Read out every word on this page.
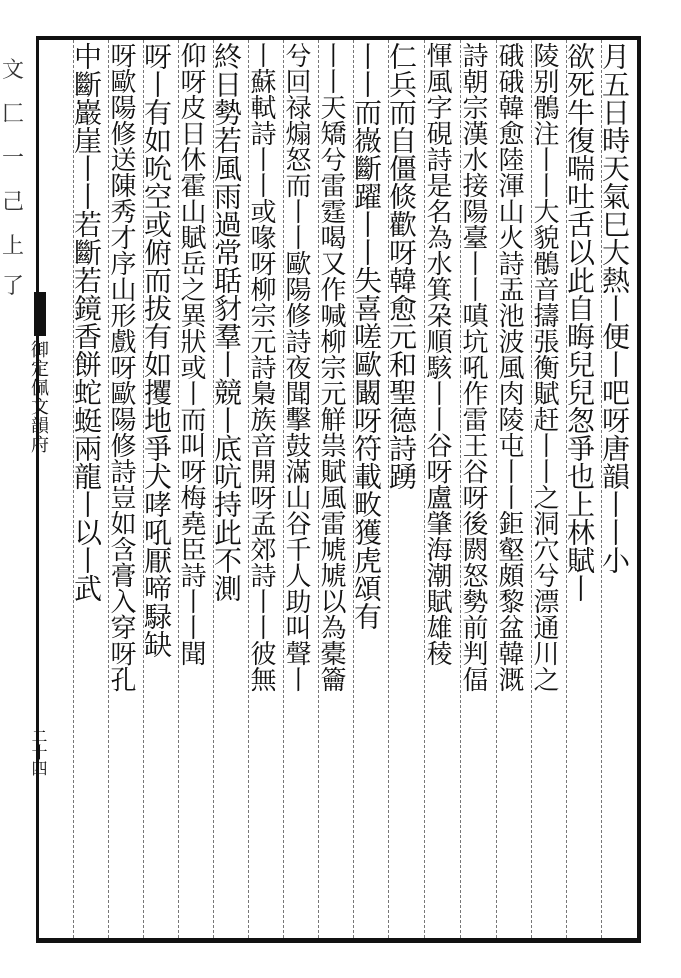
文
匚
一
己
上
了
御定佩文韻府
二十四
月五日時天氣巳大熱丨便丨吧呀唐韻丨丨小
欲死牛復喘吐舌以此自晦兒兒怱爭也上林賦丨
陵别鶻注丨丨大貌鶻音擣張衡賦赶丨丨之洞穴兮漂通川之
硪硪韓愈陸渾山火詩盂池波風肉陵屯丨丨鉅壑頗黎盆韓溉
詩朝宗漢水接陽臺丨丨嗔坑吼作雷王谷呀後閼怒勢前判偪
惲風字硯詩是名為水箕朶順駭丨丨谷呀盧肇海潮賦雄稜
仁兵而自僵倐歡呀韓愈元和聖德詩踴
丨丨而嶶斷躍丨丨失喜嗟歐闞呀符載畋獲虎頌有
丨丨天矯兮雷霆喝又作喊柳宗元觧祟賦風雷虓虓以為橐籥
兮回禄煽怒而丨丨歐陽修詩夜聞擊鼓滿山谷千人助叫聲丨
丨蘇軾詩丨丨或喙呀柳宗元詩梟族音開呀孟郊詩丨丨彼無
終日勢若風雨過常聒豺羣丨競丨底吭持此不測
仰呀皮日休霍山賦岳之異狀或丨而叫呀梅堯臣詩丨丨聞
呀丨有如吮空或俯而拔有如攫地爭犬哮吼厭啼騄缺
呀歐陽修送陳秀才序山形戲呀歐陽修詩豈如含膏入穿呀孔
中斷巖崖丨丨若斷若鏡香餅蛇蜓兩龍丨以丨武
